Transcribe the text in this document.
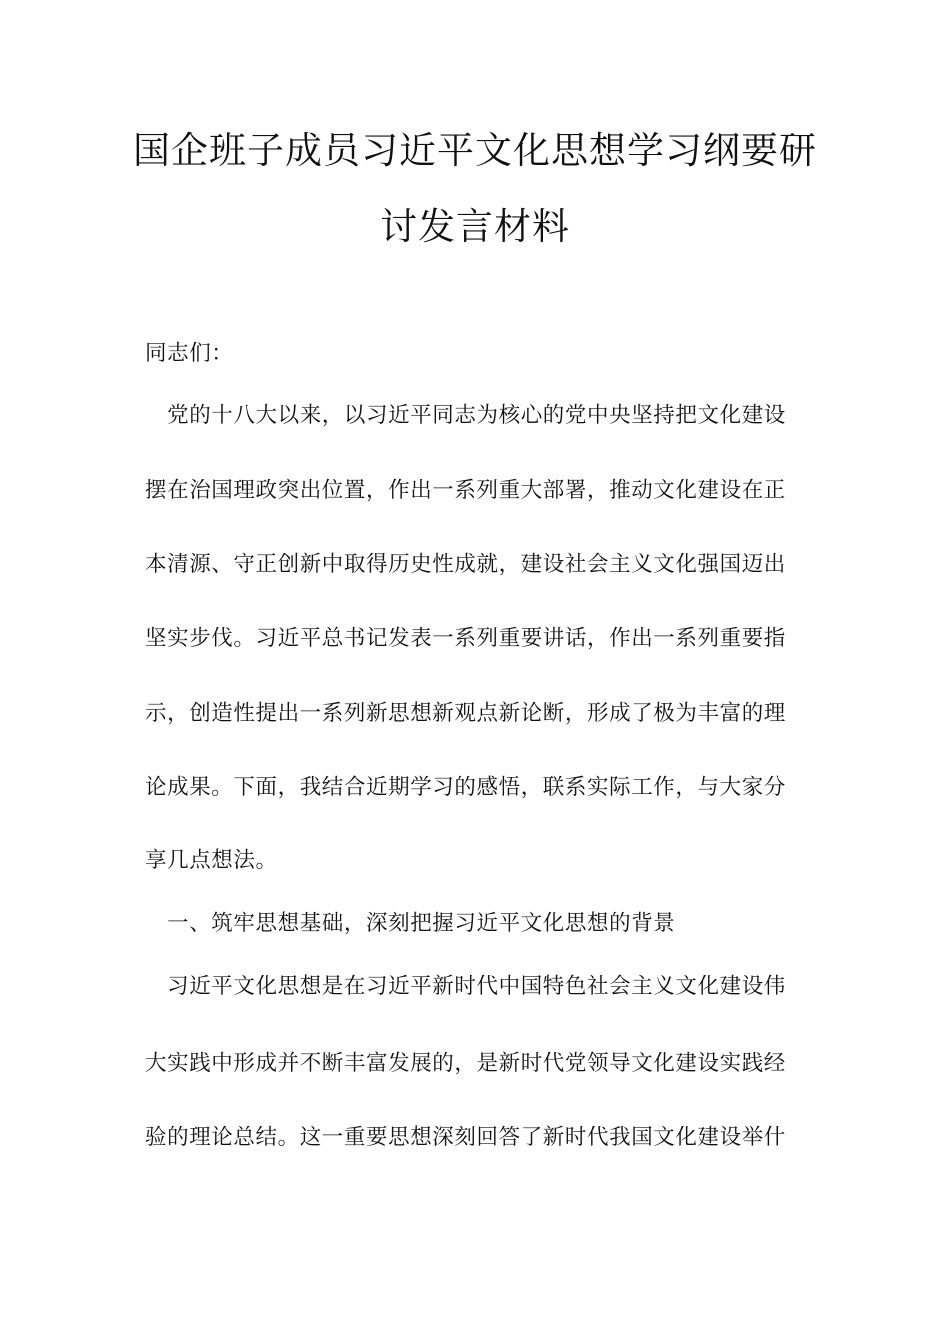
国企班子成员习近平文化思想学习纲要研
讨发言材料

同志们：

　党的十八大以来，以习近平同志为核心的党中央坚持把文化建设

摆在治国理政突出位置，作出一系列重大部署，推动文化建设在正

本清源、守正创新中取得历史性成就，建设社会主义文化强国迈出

坚实步伐。习近平总书记发表一系列重要讲话，作出一系列重要指

示，创造性提出一系列新思想新观点新论断，形成了极为丰富的理

论成果。下面，我结合近期学习的感悟，联系实际工作，与大家分

享几点想法。

　一、筑牢思想基础，深刻把握习近平文化思想的背景

　习近平文化思想是在习近平新时代中国特色社会主义文化建设伟

大实践中形成并不断丰富发展的，是新时代党领导文化建设实践经

验的理论总结。这一重要思想深刻回答了新时代我国文化建设举什
